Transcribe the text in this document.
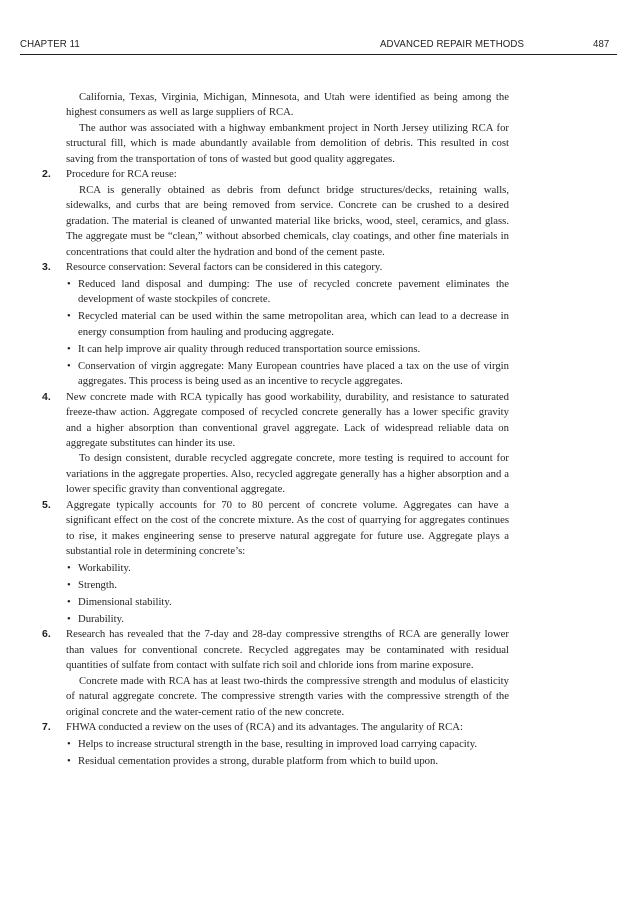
CHAPTER 11	ADVANCED REPAIR METHODS	487

California, Texas, Virginia, Michigan, Minnesota, and Utah were identified as being among the highest consumers as well as large suppliers of RCA.

The author was associated with a highway embankment project in North Jersey utilizing RCA for structural fill, which is made abundantly available from demolition of debris. This resulted in cost saving from the transportation of tons of wasted but good quality aggregates.

2. Procedure for RCA reuse:

RCA is generally obtained as debris from defunct bridge structures/decks, retaining walls, sidewalks, and curbs that are being removed from service. Concrete can be crushed to a desired gradation. The material is cleaned of unwanted material like bricks, wood, steel, ceramics, and glass. The aggregate must be “clean,” without absorbed chemicals, clay coatings, and other fine materials in concentrations that could alter the hydration and bond of the cement paste.

3. Resource conservation: Several factors can be considered in this category.

• Reduced land disposal and dumping: The use of recycled concrete pavement eliminates the development of waste stockpiles of concrete.
• Recycled material can be used within the same metropolitan area, which can lead to a decrease in energy consumption from hauling and producing aggregate.
• It can help improve air quality through reduced transportation source emissions.
• Conservation of virgin aggregate: Many European countries have placed a tax on the use of virgin aggregates. This process is being used as an incentive to recycle aggregates.
4. New concrete made with RCA typically has good workability, durability, and resistance to saturated freeze-thaw action. Aggregate composed of recycled concrete generally has a lower specific gravity and a higher absorption than conventional gravel aggregate. Lack of widespread reliable data on aggregate substitutes can hinder its use.

To design consistent, durable recycled aggregate concrete, more testing is required to account for variations in the aggregate properties. Also, recycled aggregate generally has a higher absorption and a lower specific gravity than conventional aggregate.

5. Aggregate typically accounts for 70 to 80 percent of concrete volume. Aggregates can have a significant effect on the cost of the concrete mixture. As the cost of quarrying for aggregates continues to rise, it makes engineering sense to preserve natural aggregate for future use. Aggregate plays a substantial role in determining concrete’s:

• Workability.
• Strength.
• Dimensional stability.
• Durability.
6. Research has revealed that the 7-day and 28-day compressive strengths of RCA are generally lower than values for conventional concrete. Recycled aggregates may be contaminated with residual quantities of sulfate from contact with sulfate rich soil and chloride ions from marine exposure.

Concrete made with RCA has at least two-thirds the compressive strength and modulus of elasticity of natural aggregate concrete. The compressive strength varies with the compressive strength of the original concrete and the water-cement ratio of the new concrete.

7. FHWA conducted a review on the uses of (RCA) and its advantages. The angularity of RCA:

• Helps to increase structural strength in the base, resulting in improved load carrying capacity.
• Residual cementation provides a strong, durable platform from which to build upon.
